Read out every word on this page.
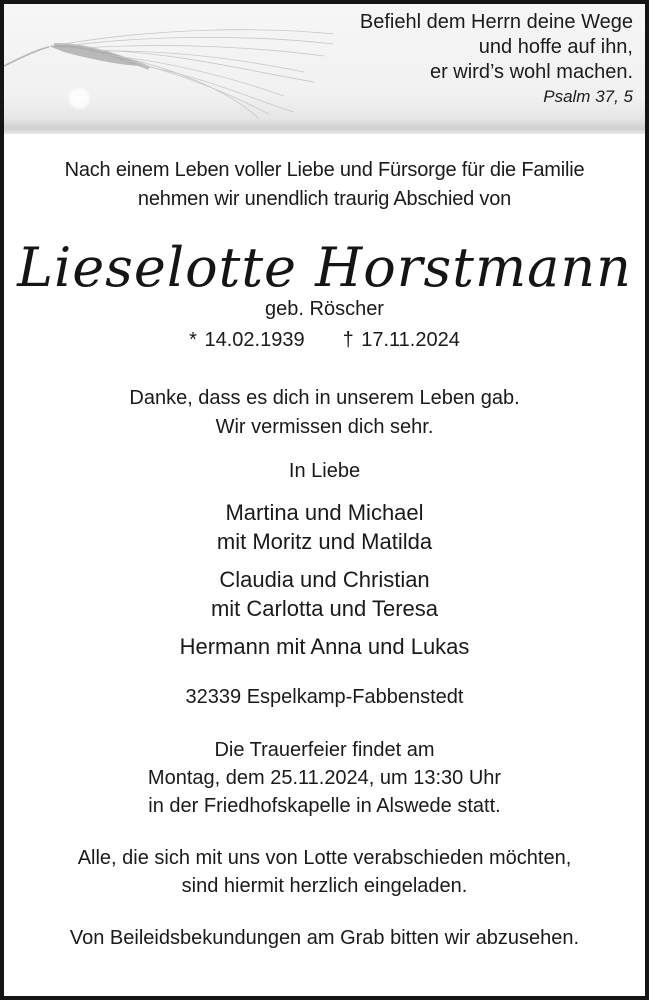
Befiehl dem Herrn deine Wege
und hoffe auf ihn,
er wird’s wohl machen.
Psalm 37, 5
Nach einem Leben voller Liebe und Fürsorge für die Familie
nehmen wir unendlich traurig Abschied von
Lieselotte Horstmann
geb. Röscher
* 14.02.1939 † 17.11.2024
Danke, dass es dich in unserem Leben gab.
Wir vermissen dich sehr.
In Liebe
Martina und Michael
mit Moritz und Matilda
Claudia und Christian
mit Carlotta und Teresa
Hermann mit Anna und Lukas
32339 Espelkamp-Fabbenstedt
Die Trauerfeier findet am
Montag, dem 25.11.2024, um 13:30 Uhr
in der Friedhofskapelle in Alswede statt.
Alle, die sich mit uns von Lotte verabschieden möchten,
sind hiermit herzlich eingeladen.
Von Beileidsbekundungen am Grab bitten wir abzusehen.
